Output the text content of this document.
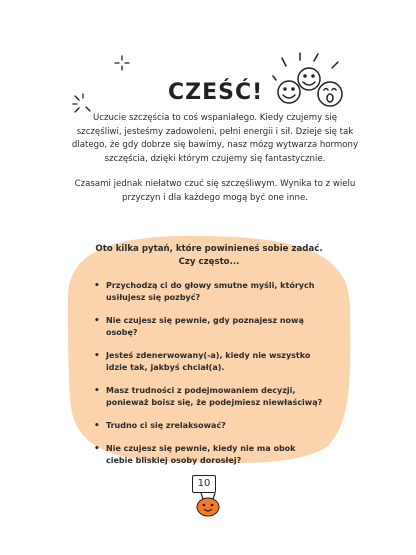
CZEŚĆ!

Uczucie szczęścia to coś wspaniałego. Kiedy czujemy się szczęśliwi, jesteśmy zadowoleni, pełni energii i sił. Dzieje się tak dlatego, że gdy dobrze się bawimy, nasz mózg wytwarza hormony szczęścia, dzięki którym czujemy się fantastycznie.

Czasami jednak niełatwo czuć się szczęśliwym. Wynika to z wielu przyczyn i dla każdego mogą być one inne.

Oto kilka pytań, które powinieneś sobie zadać.
Czy często...

• Przychodzą ci do głowy smutne myśli, których usiłujesz się pozbyć?
• Nie czujesz się pewnie, gdy poznajesz nową osobę?
• Jesteś zdenerwowany(-a), kiedy nie wszystko idzie tak, jakbyś chciał(a).
• Masz trudności z podejmowaniem decyzji, ponieważ boisz się, że podejmiesz niewłaściwą?
• Trudno ci się zrelaksować?
• Nie czujesz się pewnie, kiedy nie ma obok ciebie bliskiej osoby dorosłej?
10
